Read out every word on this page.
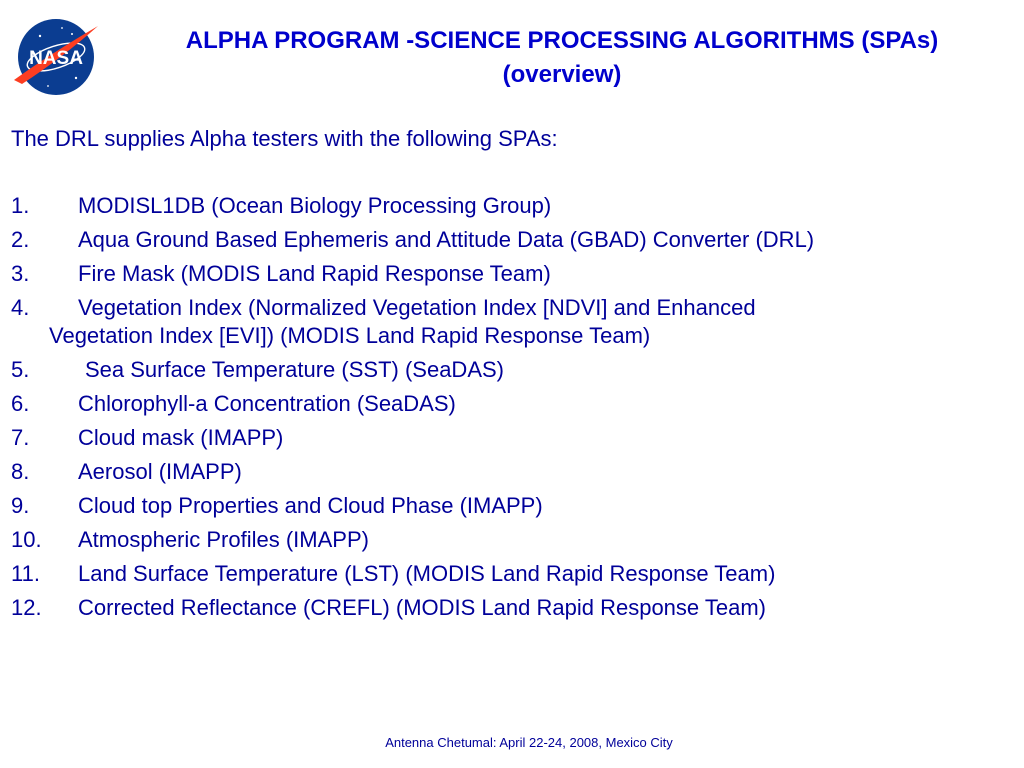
NASA
ALPHA PROGRAM -SCIENCE PROCESSING ALGORITHMS (SPAs)
(overview)
The DRL supplies Alpha testers with the following SPAs:
1. MODISL1DB (Ocean Biology Processing Group)
2. Aqua Ground Based Ephemeris and Attitude Data (GBAD) Converter (DRL)
3. Fire Mask (MODIS Land Rapid Response Team)
4. Vegetation Index (Normalized Vegetation Index [NDVI] and Enhanced
Vegetation Index [EVI]) (MODIS Land Rapid Response Team)
5.	Sea Surface Temperature (SST) (SeaDAS)
6. Chlorophyll-a Concentration (SeaDAS)
7. Cloud mask (IMAPP)
8. Aerosol (IMAPP)
9. Cloud top Properties and Cloud Phase (IMAPP)
10. Atmospheric Profiles (IMAPP)
11. Land Surface Temperature (LST) (MODIS Land Rapid Response Team)
12. Corrected Reflectance (CREFL) (MODIS Land Rapid Response Team)
Antenna Chetumal: April 22-24, 2008, Mexico City
